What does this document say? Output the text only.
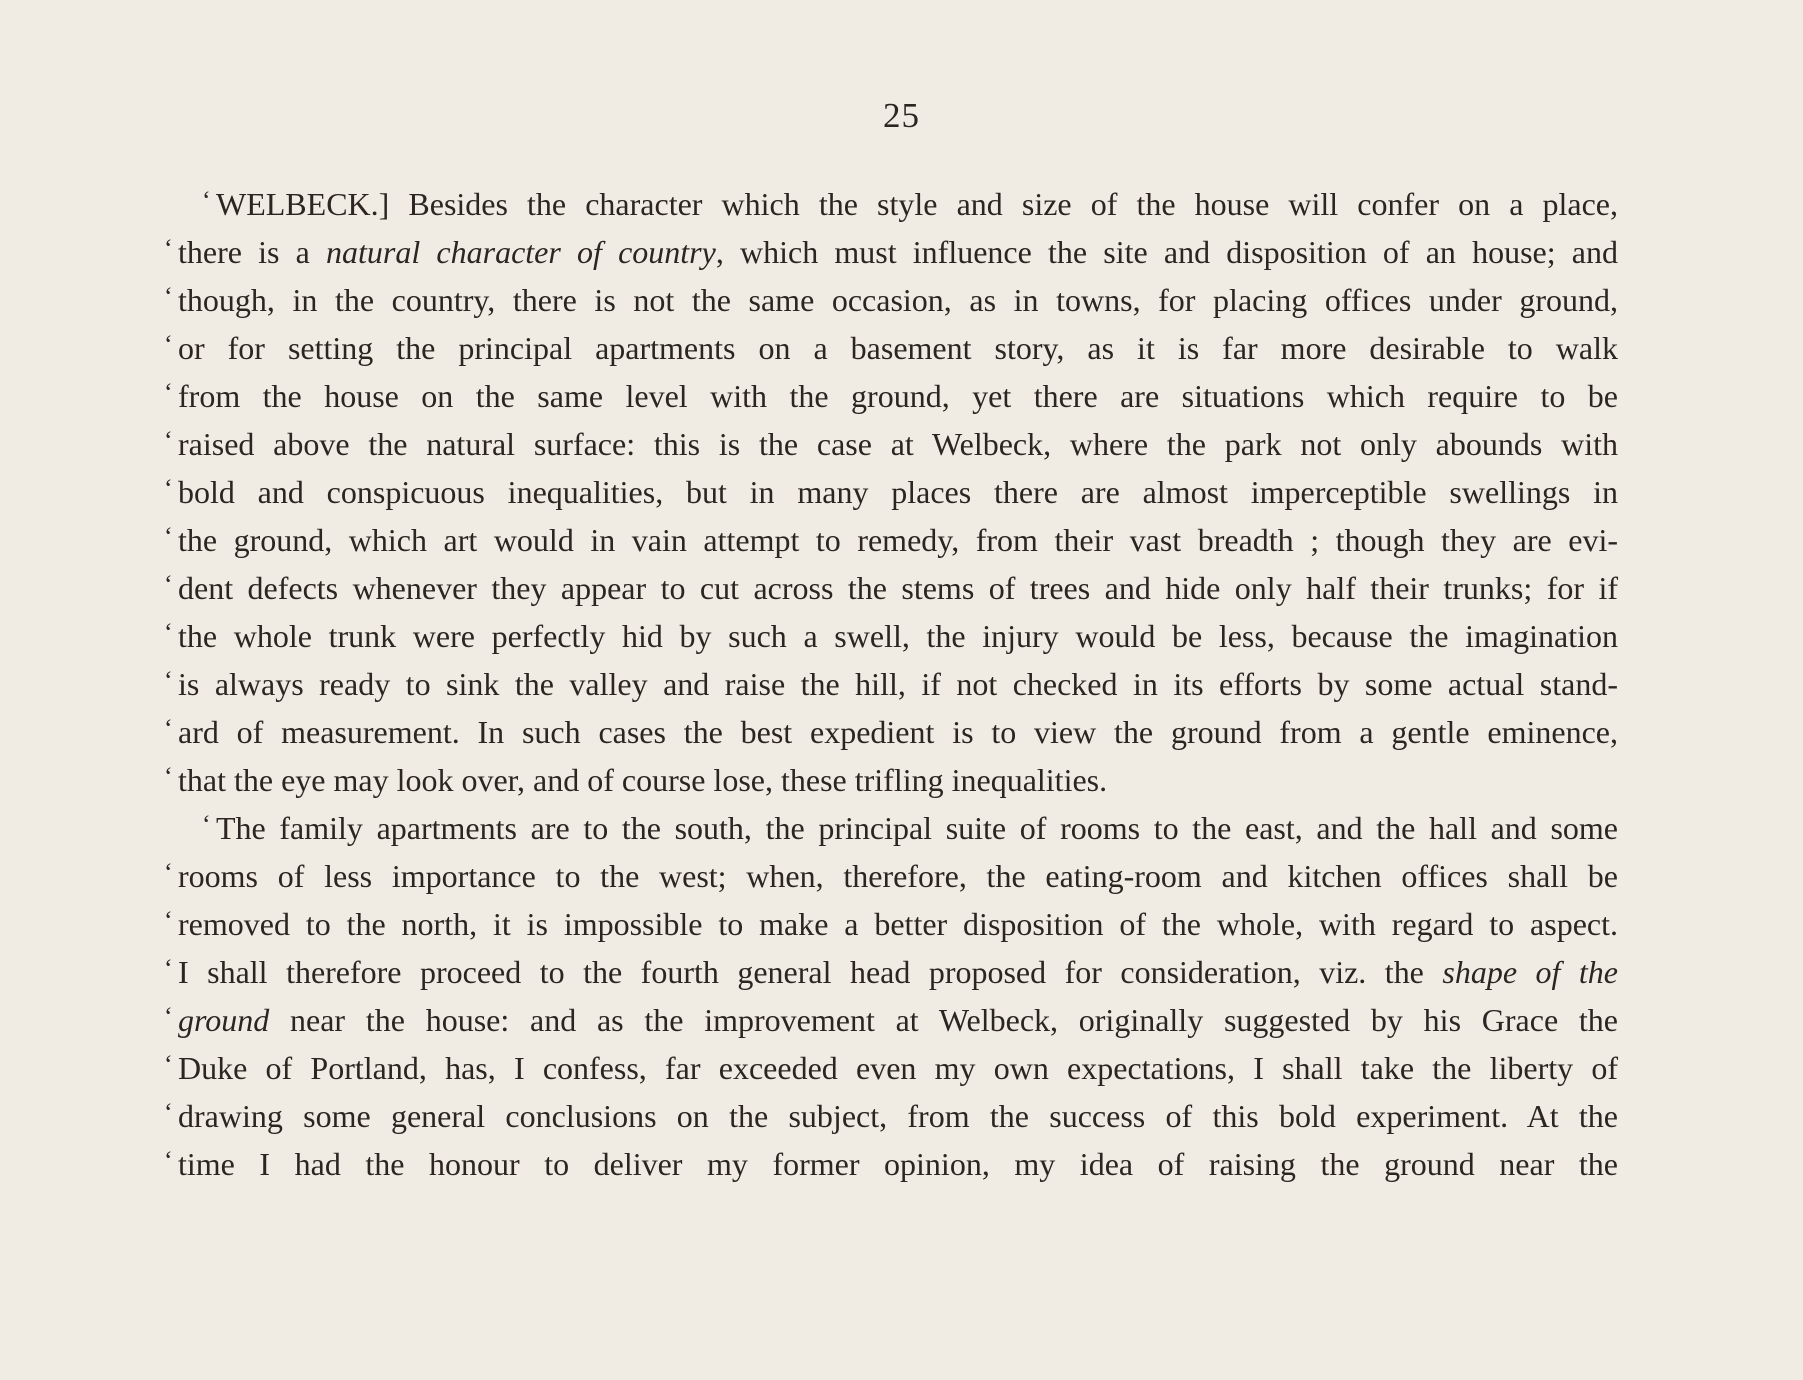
25
‘ WELBECK.] Besides the character which the style and size of the house will confer on a place,
‘ there is a natural character of country, which must influence the site and disposition of an house; and
‘ though, in the country, there is not the same occasion, as in towns, for placing offices under ground,
‘ or for setting the principal apartments on a basement story, as it is far more desirable to walk
‘ from the house on the same level with the ground, yet there are situations which require to be
‘ raised above the natural surface: this is the case at Welbeck, where the park not only abounds with
‘ bold and conspicuous inequalities, but in many places there are almost imperceptible swellings in
‘ the ground, which art would in vain attempt to remedy, from their vast breadth ; though they are evi-
‘ dent defects whenever they appear to cut across the stems of trees and hide only half their trunks; for if
‘ the whole trunk were perfectly hid by such a swell, the injury would be less, because the imagination
‘ is always ready to sink the valley and raise the hill, if not checked in its efforts by some actual stand-
‘ ard of measurement. In such cases the best expedient is to view the ground from a gentle eminence,
‘ that the eye may look over, and of course lose, these trifling inequalities.
‘ The family apartments are to the south, the principal suite of rooms to the east, and the hall and some
‘ rooms of less importance to the west; when, therefore, the eating-room and kitchen offices shall be
‘ removed to the north, it is impossible to make a better disposition of the whole, with regard to aspect.
‘ I shall therefore proceed to the fourth general head proposed for consideration, viz. the shape of the
‘ ground near the house: and as the improvement at Welbeck, originally suggested by his Grace the
‘ Duke of Portland, has, I confess, far exceeded even my own expectations, I shall take the liberty of
‘ drawing some general conclusions on the subject, from the success of this bold experiment. At the
‘ time I had the honour to deliver my former opinion, my idea of raising the ground near the
